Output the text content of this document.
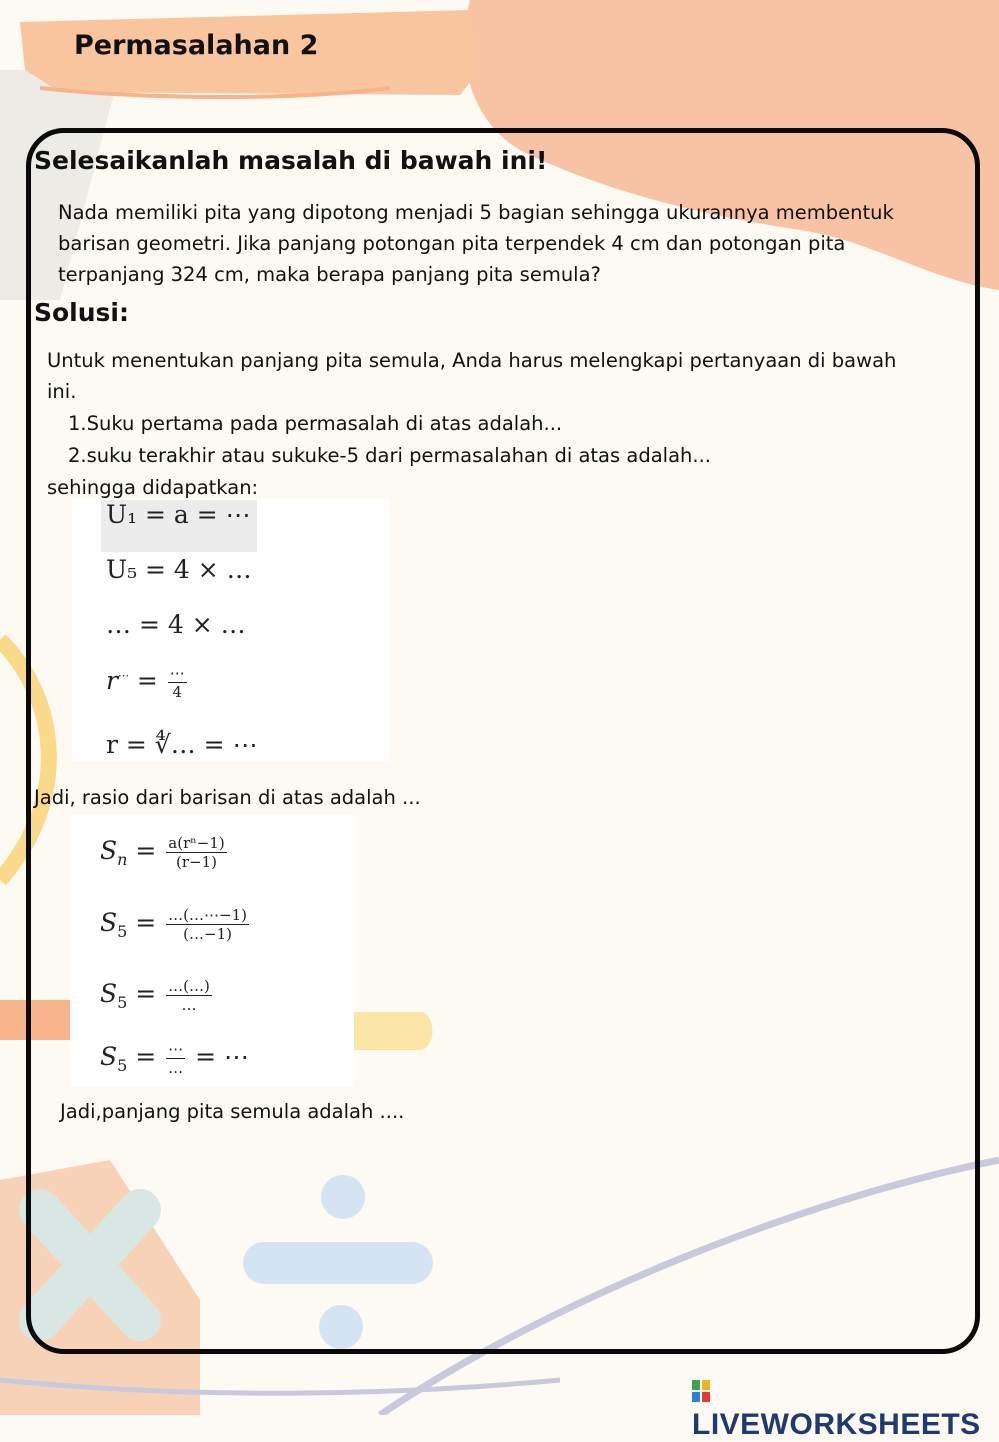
Permasalahan 2
Selesaikanlah masalah di bawah ini!
Nada memiliki pita yang dipotong menjadi 5 bagian sehingga ukurannya membentuk barisan geometri. Jika panjang potongan pita terpendek 4 cm dan potongan pita terpanjang 324 cm, maka berapa panjang pita semula?
Solusi:
Untuk menentukan panjang pita semula, Anda harus melengkapi pertanyaan di bawah ini.
1.Suku pertama pada permasalah di atas adalah...
2.suku terakhir atau sukuke-5 dari permasalahan di atas adalah...
sehingga didapatkan:
U₁ = a = ⋯
U₅ = 4 × …
… = 4 × …
$r^\cdots = \frac{\cdots}{4}$
r = ∜… = ⋯
Jadi, rasio dari barisan di atas adalah ...
$S_n = \frac{\text{a(rⁿ−1)}}{(r-1)}$
$S_5 = \frac{\dots(\dots\cdots-1)}{(\dots-1)}$
$S_5 = \frac{\dots(\dots)}{\dots}$
$S_5 = \frac{\cdots}{\dots}$ = ⋯
Jadi,panjang pita semula adalah ....
LIVEWORKSHEETS
